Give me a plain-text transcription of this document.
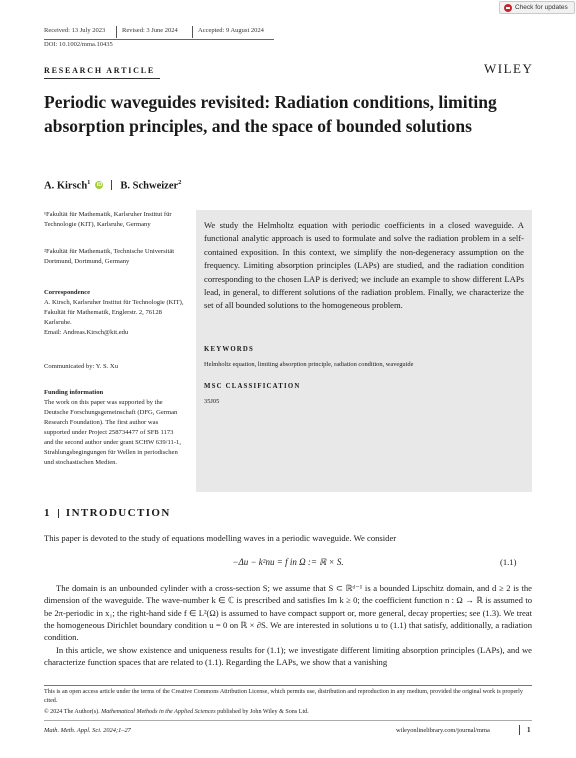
Check for updates
Received: 13 July 2023	Revised: 3 June 2024	Accepted: 9 August 2024
DOI: 10.1002/mma.10435
RESEARCH ARTICLE	WILEY
Periodic waveguides revisited: Radiation conditions, limiting absorption principles, and the space of bounded solutions
A. Kirsch$^1$ iD B. Schweizer$^2$
¹Fakultät für Mathematik, Karlsruher Institut für Technologie (KIT), Karlsruhe, Germany
²Fakultät für Mathematik, Technische Universität Dortmund, Dortmund, Germany
Correspondence
A. Kirsch, Karlsruher Institut für Technologie (KIT), Fakultät für Mathematik, Englerstr. 2, 76128 Karlsruhe.
Email: Andreas.Kirsch@kit.edu
Communicated by: Y. S. Xu
Funding information
The work on this paper was supported by the Deutsche Forschungsgemeinschaft (DFG, German Research Foundation). The first author was supported under Project 258734477 of SFB 1173 and the second author under grant SCHW 639/11-1, Strahlungsbegingungen für Wellen in periodischen und stochastischen Medien.
We study the Helmholtz equation with periodic coefficients in a closed waveguide. A functional analytic approach is used to formulate and solve the radiation problem in a self-contained exposition. In this context, we simplify the non-degeneracy assumption on the frequency. Limiting absorption principles (LAPs) are studied, and the radiation condition corresponding to the chosen LAP is derived; we include an example to show different LAPs lead, in general, to different solutions of the radiation problem. Finally, we characterize the set of all bounded solutions to the homogeneous problem.
KEYWORDS
Helmholtz equation, limiting absorption principle, radiation condition, waveguide
MSC CLASSIFICATION
35J05
1 INTRODUCTION
This paper is devoted to the study of equations modelling waves in a periodic waveguide. We consider
−Δu − k²nu = f in Ω := ℝ × S.	(1.1)
The domain is an unbounded cylinder with a cross-section S; we assume that S ⊂ ℝᵈ⁻¹ is a bounded Lipschitz domain, and d ≥ 2 is the dimension of the waveguide. The wave-number k ∈ ℂ is prescribed and satisfies Im k ≥ 0; the coefficient function n : Ω → ℝ is assumed to be 2π-periodic in x₁; the right-hand side f ∈ L²(Ω) is assumed to have compact support or, more general, decay properties; see (1.3). We treat the homogeneous Dirichlet boundary condition u = 0 on ℝ × ∂S. We are interested in solutions u to (1.1) that satisfy, additionally, a radiation condition.
In this article, we show existence and uniqueness results for (1.1); we investigate different limiting absorption principles (LAPs), and we characterize function spaces that are related to (1.1). Regarding the LAPs, we show that a vanishing
This is an open access article under the terms of the Creative Commons Attribution License, which permits use, distribution and reproduction in any medium, provided the original work is properly cited.
© 2024 The Author(s). Mathematical Methods in the Applied Sciences published by John Wiley & Sons Ltd.
Math. Meth. Appl. Sci. 2024;1–27	wileyonlinelibrary.com/journal/mma	1
